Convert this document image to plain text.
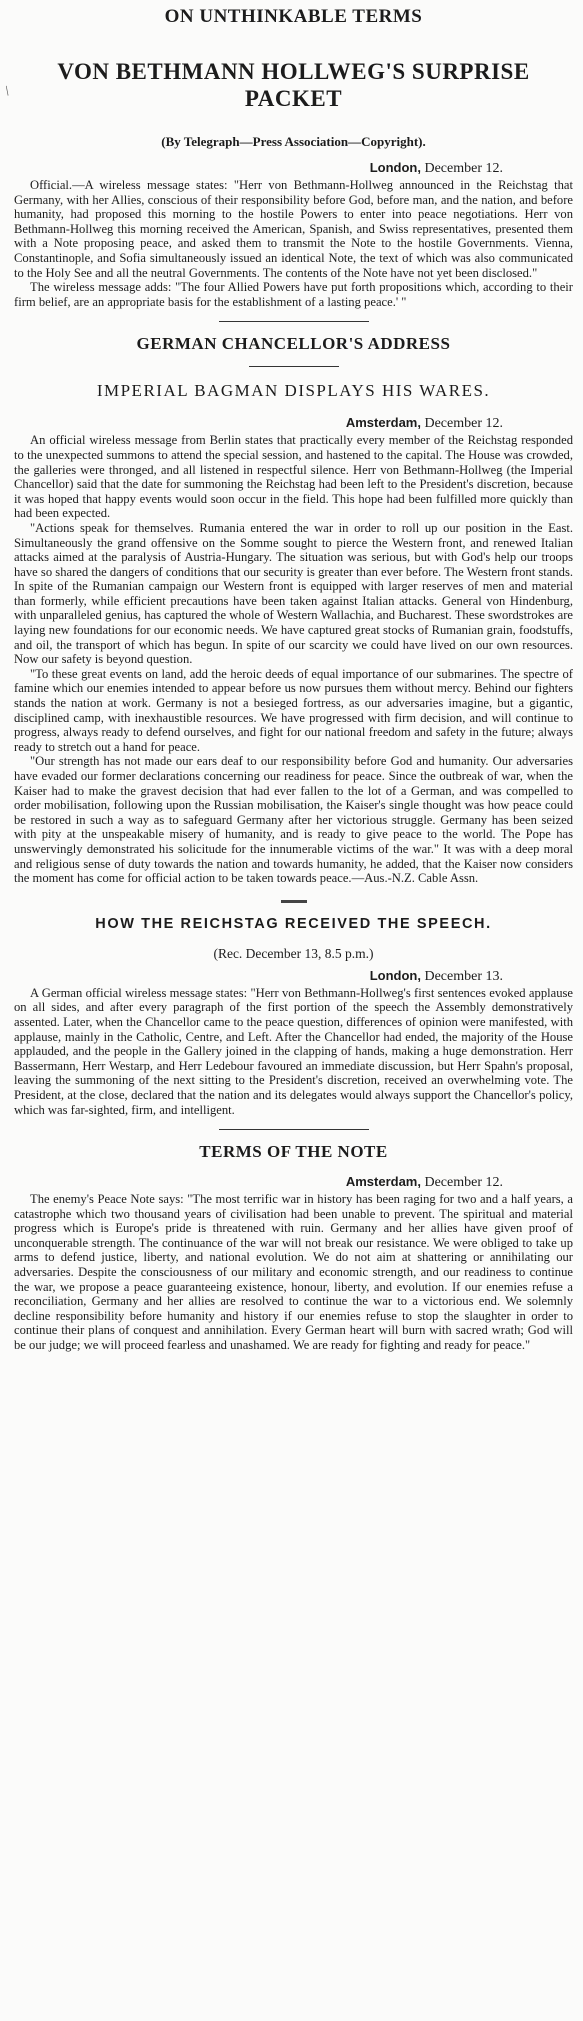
/
ON UNTHINKABLE TERMS
VON BETHMANN HOLLWEG'S SURPRISE PACKET
(By Telegraph—Press Association—Copyright).
London, December 12.

Official.—A wireless message states: "Herr von Bethmann-Hollweg announced in the Reichstag that Germany, with her Allies, conscious of their responsibility before God, before man, and the nation, and before humanity, had proposed this morning to the hostile Powers to enter into peace negotiations. Herr von Bethmann-Hollweg this morning received the American, Spanish, and Swiss representatives, presented them with a Note proposing peace, and asked them to transmit the Note to the hostile Governments. Vienna, Constantinople, and Sofia simultaneously issued an identical Note, the text of which was also communicated to the Holy See and all the neutral Governments. The contents of the Note have not yet been disclosed."

The wireless message adds: "The four Allied Powers have put forth propositions which, according to their firm belief, are an appropriate basis for the establishment of a lasting peace.' "

GERMAN CHANCELLOR'S ADDRESS
IMPERIAL BAGMAN DISPLAYS HIS WARES.
Amsterdam, December 12.

An official wireless message from Berlin states that practically every member of the Reichstag responded to the unexpected summons to attend the special session, and hastened to the capital. The House was crowded, the galleries were thronged, and all listened in respectful silence. Herr von Bethmann-Hollweg (the Imperial Chancellor) said that the date for summoning the Reichstag had been left to the President's discretion, because it was hoped that happy events would soon occur in the field. This hope had been fulfilled more quickly than had been expected.

"Actions speak for themselves. Rumania entered the war in order to roll up our position in the East. Simultaneously the grand offensive on the Somme sought to pierce the Western front, and renewed Italian attacks aimed at the paralysis of Austria-Hungary. The situation was serious, but with God's help our troops have so shared the dangers of conditions that our security is greater than ever before. The Western front stands. In spite of the Rumanian campaign our Western front is equipped with larger reserves of men and material than formerly, while efficient precautions have been taken against Italian attacks. General von Hindenburg, with unparalleled genius, has captured the whole of Western Wallachia, and Bucharest. These swordstrokes are laying new foundations for our economic needs. We have captured great stocks of Rumanian grain, foodstuffs, and oil, the transport of which has begun. In spite of our scarcity we could have lived on our own resources. Now our safety is beyond question.

"To these great events on land, add the heroic deeds of equal importance of our submarines. The spectre of famine which our enemies intended to appear before us now pursues them without mercy. Behind our fighters stands the nation at work. Germany is not a besieged fortress, as our adversaries imagine, but a gigantic, disciplined camp, with inexhaustible resources. We have progressed with firm decision, and will continue to progress, always ready to defend ourselves, and fight for our national freedom and safety in the future; always ready to stretch out a hand for peace.

"Our strength has not made our ears deaf to our responsibility before God and humanity. Our adversaries have evaded our former declarations concerning our readiness for peace. Since the outbreak of war, when the Kaiser had to make the gravest decision that had ever fallen to the lot of a German, and was compelled to order mobilisation, following upon the Russian mobilisation, the Kaiser's single thought was how peace could be restored in such a way as to safeguard Germany after her victorious struggle. Germany has been seized with pity at the unspeakable misery of humanity, and is ready to give peace to the world. The Pope has unswervingly demonstrated his solicitude for the innumerable victims of the war." It was with a deep moral and religious sense of duty towards the nation and towards humanity, he added, that the Kaiser now considers the moment has come for official action to be taken towards peace.—Aus.-N.Z. Cable Assn.

HOW THE REICHSTAG RECEIVED THE SPEECH.
(Rec. December 13, 8.5 p.m.)
London, December 13.

A German official wireless message states: "Herr von Bethmann-Hollweg's first sentences evoked applause on all sides, and after every paragraph of the first portion of the speech the Assembly demonstratively assented. Later, when the Chancellor came to the peace question, differences of opinion were manifested, with applause, mainly in the Catholic, Centre, and Left. After the Chancellor had ended, the majority of the House applauded, and the people in the Gallery joined in the clapping of hands, making a huge demonstration. Herr Bassermann, Herr Westarp, and Herr Ledebour favoured an immediate discussion, but Herr Spahn's proposal, leaving the summoning of the next sitting to the President's discretion, received an overwhelming vote. The President, at the close, declared that the nation and its delegates would always support the Chancellor's policy, which was far-sighted, firm, and intelligent.

TERMS OF THE NOTE
Amsterdam, December 12.

The enemy's Peace Note says: "The most terrific war in history has been raging for two and a half years, a catastrophe which two thousand years of civilisation had been unable to prevent. The spiritual and material progress which is Europe's pride is threatened with ruin. Germany and her allies have given proof of unconquerable strength. The continuance of the war will not break our resistance. We were obliged to take up arms to defend justice, liberty, and national evolution. We do not aim at shattering or annihilating our adversaries. Despite the consciousness of our military and economic strength, and our readiness to continue the war, we propose a peace guaranteeing existence, honour, liberty, and evolution. If our enemies refuse a reconciliation, Germany and her allies are resolved to continue the war to a victorious end. We solemnly decline responsibility before humanity and history if our enemies refuse to stop the slaughter in order to continue their plans of conquest and annihilation. Every German heart will burn with sacred wrath; God will be our judge; we will proceed fearless and unashamed. We are ready for fighting and ready for peace."
